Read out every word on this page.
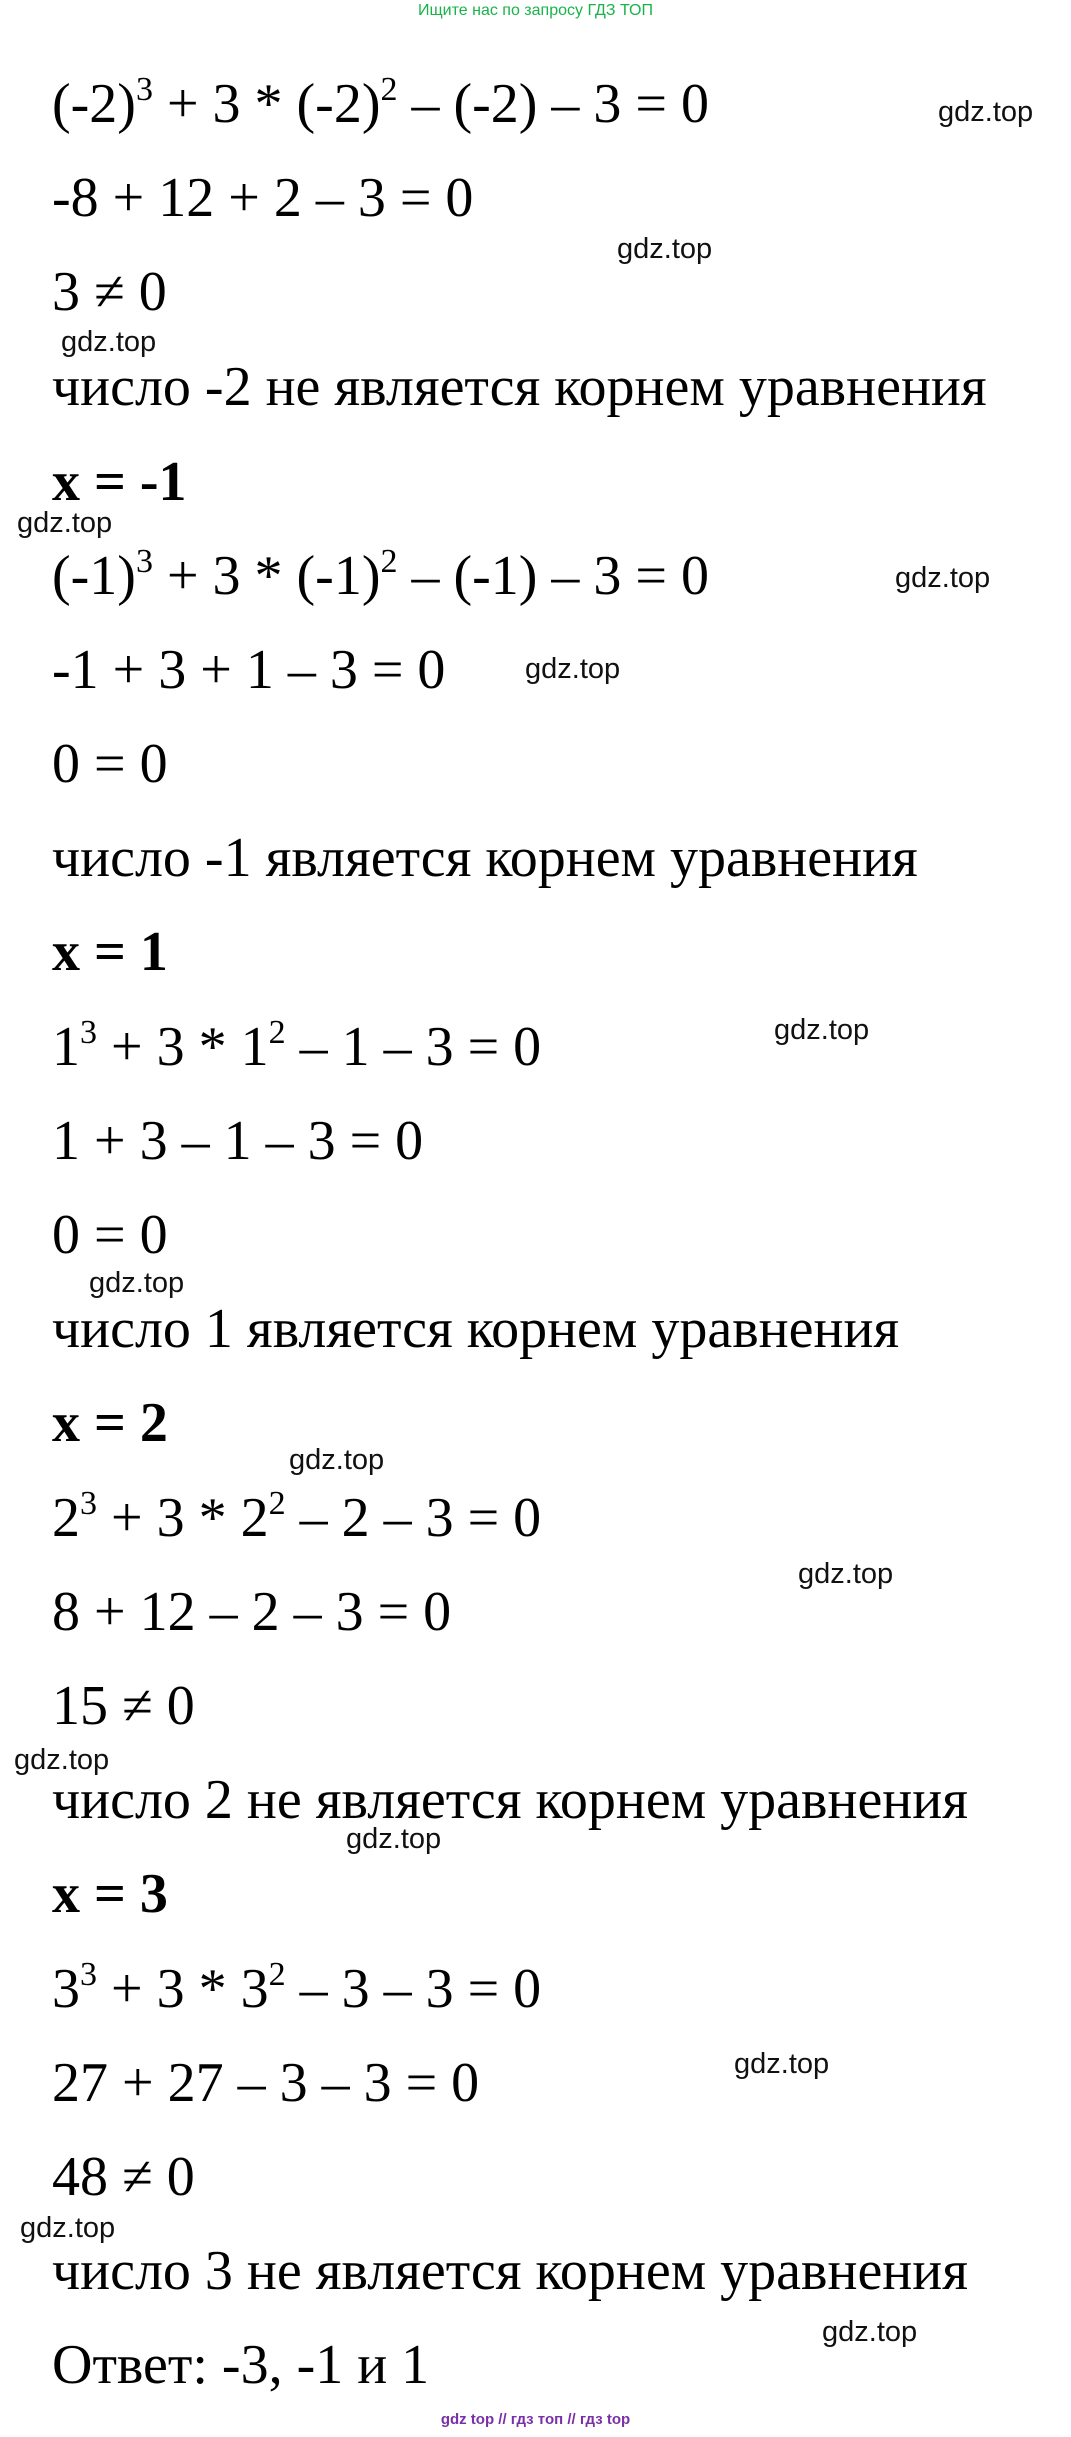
Ищите нас по запросу ГДЗ ТОП
$(-2)^3 + 3 * (-2)^2 - (-2) - 3 = 0$
-8 + 12 + 2 – 3 = 0
3 ≠ 0
число -2 не является корнем уравнения
x = -1
$(-1)^3 + 3 * (-1)^2 - (-1) - 3 = 0$
-1 + 3 + 1 – 3 = 0
0 = 0
число -1 является корнем уравнения
x = 1
$1^3 + 3 * 1^2 - 1 - 3 = 0$
1 + 3 – 1 – 3 = 0
0 = 0
число 1 является корнем уравнения
x = 2
$2^3 + 3 * 2^2 - 2 - 3 = 0$
8 + 12 – 2 – 3 = 0
15 ≠ 0
число 2 не является корнем уравнения
x = 3
$3^3 + 3 * 3^2 - 3 - 3 = 0$
27 + 27 – 3 – 3 = 0
48 ≠ 0
число 3 не является корнем уравнения
Ответ: -3, -1 и 1
gdz.top
gdz.top
gdz.top
gdz.top
gdz.top
gdz.top
gdz.top
gdz.top
gdz.top
gdz.top
gdz.top
gdz.top
gdz.top
gdz.top
gdz.top
gdz top // гдз топ // гдз top
